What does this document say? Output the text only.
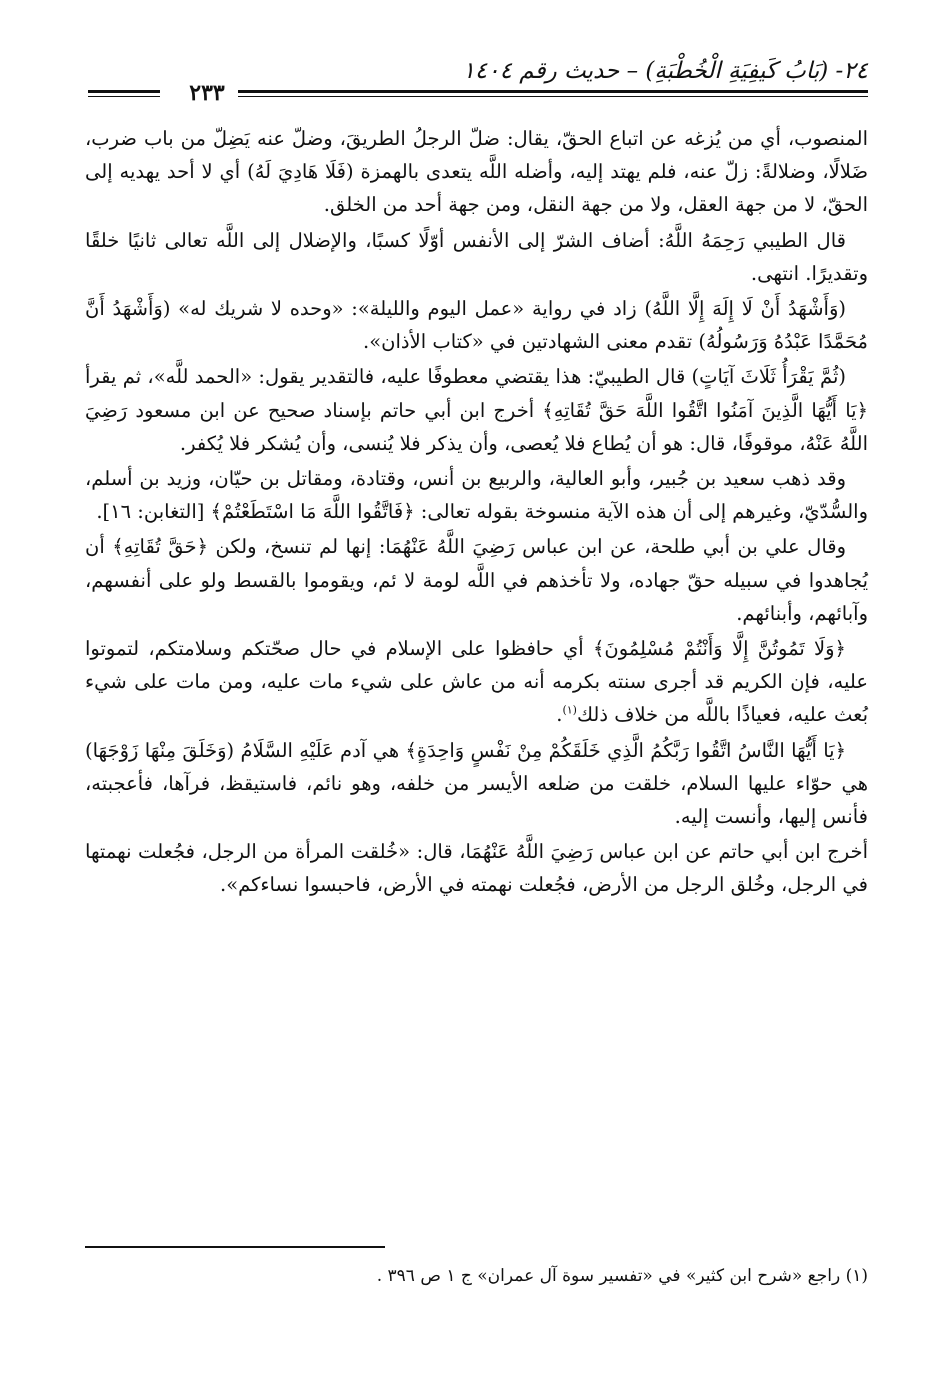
٢٤- (بَابُ كَيفِيَةِ الْخُطْبَةِ) – حديث رقم ١٤٠٤
٢٣٣

المنصوب، أي من يُزغه عن اتباع الحقّ، يقال: ضلّ الرجلُ الطريقَ، وضلّ عنه يَضِلّ من باب ضرب، ضَلالًا، وضلالةً: زلّ عنه، فلم يهتد إليه، وأضله اللَّه يتعدى بالهمزة (فَلَا هَادِيَ لَهُ) أي لا أحد يهديه إلى الحقّ، لا من جهة العقل، ولا من جهة النقل، ومن جهة أحد من الخلق.

قال الطيبي رَحِمَهُ اللَّهُ: أضاف الشرّ إلى الأنفس أوّلًا كسبًا، والإضلال إلى اللَّه تعالى ثانيًا خلقًا وتقديرًا. انتهى.

(وَأَشْهَدُ أَنْ لَا إِلَهَ إِلَّا اللَّهُ) زاد في رواية «عمل اليوم والليلة»: «وحده لا شريك له» (وَأَشْهَدُ أَنَّ مُحَمَّدًا عَبْدُهُ وَرَسُولُهُ) تقدم معنى الشهادتين في «كتاب الأذان».

(ثُمَّ يَقْرَأُ ثَلَاثَ آيَاتٍ) قال الطيبيّ: هذا يقتضي معطوفًا عليه، فالتقدير يقول: «الحمد للَّه»، ثم يقرأ ﴿يَا أَيُّهَا الَّذِينَ آمَنُوا اتَّقُوا اللَّهَ حَقَّ تُقَاتِهِ﴾ أخرج ابن أبي حاتم بإسناد صحيح عن ابن مسعود رَضِيَ اللَّهُ عَنْهُ، موقوفًا، قال: هو أن يُطاع فلا يُعصى، وأن يذكر فلا يُنسى، وأن يُشكر فلا يُكفر.

وقد ذهب سعيد بن جُبير، وأبو العالية، والربيع بن أنس، وقتادة، ومقاتل بن حيّان، وزيد بن أسلم، والسُّدّيّ، وغيرهم إلى أن هذه الآية منسوخة بقوله تعالى: ﴿فَاتَّقُوا اللَّهَ مَا اسْتَطَعْتُمْ﴾ [التغابن: ١٦].

وقال علي بن أبي طلحة، عن ابن عباس رَضِيَ اللَّهُ عَنْهُمَا: إنها لم تنسخ، ولكن ﴿حَقَّ تُقَاتِهِ﴾ أن يُجاهدوا في سبيله حقّ جهاده، ولا تأخذهم في اللَّه لومة لا ئم، ويقوموا بالقسط ولو على أنفسهم، وآبائهم، وأبنائهم.

﴿وَلَا تَمُوتُنَّ إِلَّا وَأَنْتُمْ مُسْلِمُونَ﴾ أي حافظوا على الإسلام في حال صحّتكم وسلامتكم، لتموتوا عليه، فإن الكريم قد أجرى سنته بكرمه أنه من عاش على شيء مات عليه، ومن مات على شيء بُعث عليه، فعياذًا باللَّه من خلاف ذلك$^{(١)}$.

﴿يَا أَيُّهَا النَّاسُ اتَّقُوا رَبَّكُمُ الَّذِي خَلَقَكُمْ مِنْ نَفْسٍ وَاحِدَةٍ﴾ هي آدم عَلَيْهِ السَّلَامُ (وَخَلَقَ مِنْهَا زَوْجَهَا) هي حوّاء عليها السلام، خلقت من ضلعه الأيسر من خلفه، وهو نائم، فاستيقظ، فرآها، فأعجبته، فأنس إليها، وأنست إليه.

أخرج ابن أبي حاتم عن ابن عباس رَضِيَ اللَّهُ عَنْهُمَا، قال: «خُلقت المرأة من الرجل، فجُعلت نهمتها في الرجل، وخُلق الرجل من الأرض، فجُعلت نهمته في الأرض، فاحبسوا نساءكم».

(١) راجع «شرح ابن كثير» في «تفسير سوة آل عمران» ج ١ ص ٣٩٦ .
